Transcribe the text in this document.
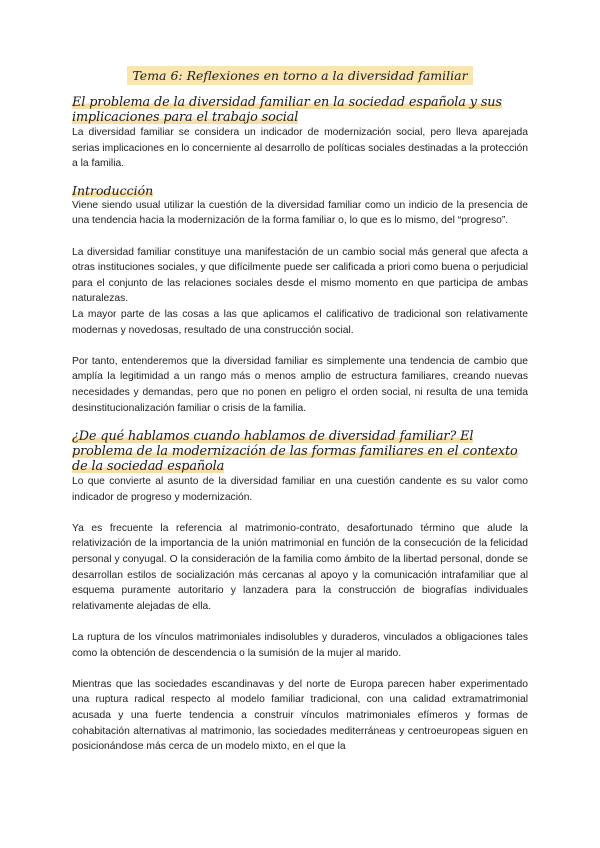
Tema 6: Reflexiones en torno a la diversidad familiar
El problema de la diversidad familiar en la sociedad española y sus implicaciones para el trabajo social

La diversidad familiar se considera un indicador de modernización social, pero lleva aparejada serias implicaciones en lo concerniente al desarrollo de políticas sociales destinadas a la protección a la familia.

Introducción

Viene siendo usual utilizar la cuestión de la diversidad familiar como un indicio de la presencia de una tendencia hacia la modernización de la forma familiar o, lo que es lo mismo, del “progreso”.

La diversidad familiar constituye una manifestación de un cambio social más general que afecta a otras instituciones sociales, y que difícilmente puede ser calificada a priori como buena o perjudicial para el conjunto de las relaciones sociales desde el mismo momento en que participa de ambas naturalezas.

La mayor parte de las cosas a las que aplicamos el calificativo de tradicional son relativamente modernas y novedosas, resultado de una construcción social.

Por tanto, entenderemos que la diversidad familiar es simplemente una tendencia de cambio que amplía la legitimidad a un rango más o menos amplio de estructura familiares, creando nuevas necesidades y demandas, pero que no ponen en peligro el orden social, ni resulta de una temida desinstitucionalización familiar o crisis de la familia.

¿De qué hablamos cuando hablamos de diversidad familiar? El problema de la modernización de las formas familiares en el contexto de la sociedad española

Lo que convierte al asunto de la diversidad familiar en una cuestión candente es su valor como indicador de progreso y modernización.

Ya es frecuente la referencia al matrimonio-contrato, desafortunado término que alude la relativización de la importancia de la unión matrimonial en función de la consecución de la felicidad personal y conyugal. O la consideración de la familia como ámbito de la libertad personal, donde se desarrollan estilos de socialización más cercanas al apoyo y la comunicación intrafamiliar que al esquema puramente autoritario y lanzadera para la construcción de biografías individuales relativamente alejadas de ella.

La ruptura de los vínculos matrimoniales indisolubles y duraderos, vinculados a obligaciones tales como la obtención de descendencia o la sumisión de la mujer al marido.

Mientras que las sociedades escandinavas y del norte de Europa parecen haber experimentado una ruptura radical respecto al modelo familiar tradicional, con una calidad extramatrimonial acusada y una fuerte tendencia a construir vínculos matrimoniales efímeros y formas de cohabitación alternativas al matrimonio, las sociedades mediterráneas y centroeuropeas siguen en posicionándose más cerca de un modelo mixto, en el que la
